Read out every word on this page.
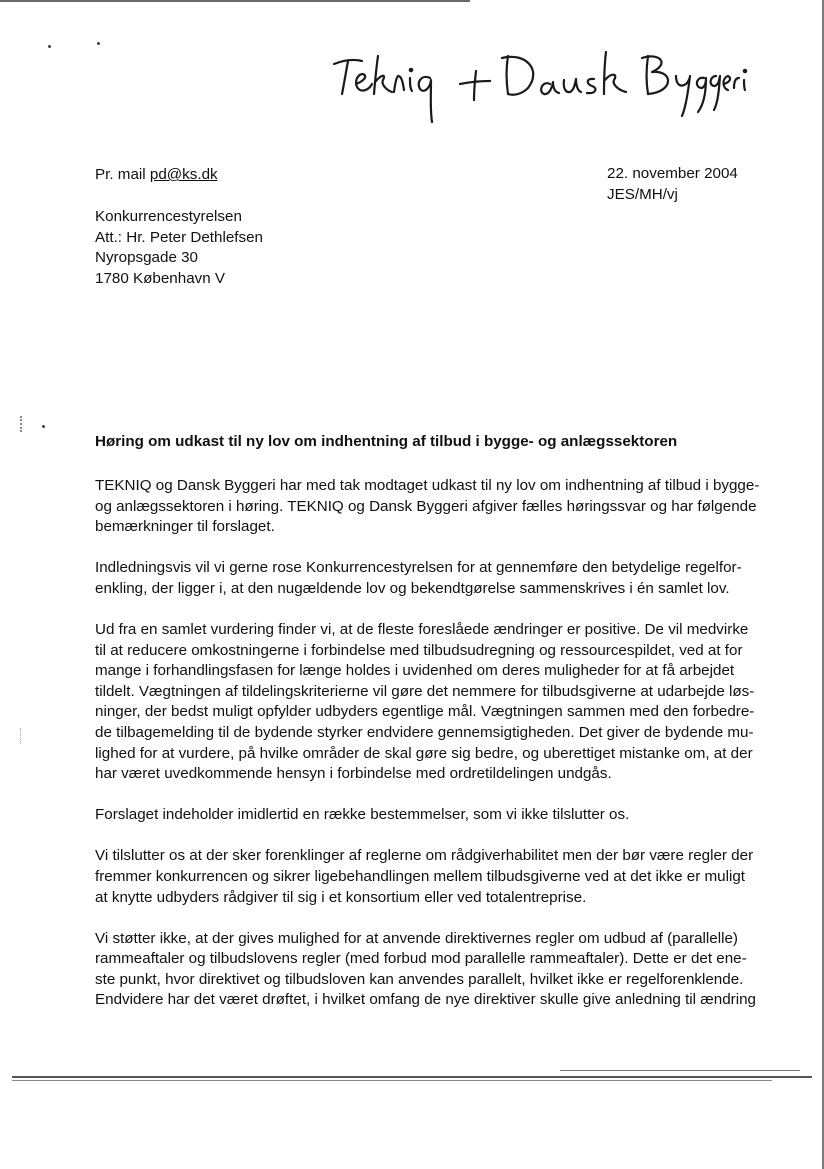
Pr. mail pd@ks.dk	22. november 2004
JES/MH/vj
Konkurrencestyrelsen
Att.: Hr. Peter Dethlefsen
Nyropsgade 30
1780 København V
Høring om udkast til ny lov om indhentning af tilbud i bygge- og anlægssektoren

TEKNIQ og Dansk Byggeri har med tak modtaget udkast til ny lov om indhentning af tilbud i bygge-
og anlægssektoren i høring. TEKNIQ og Dansk Byggeri afgiver fælles høringssvar og har følgende
bemærkninger til forslaget.

Indledningsvis vil vi gerne rose Konkurrencestyrelsen for at gennemføre den betydelige regelfor-
enkling, der ligger i, at den nugældende lov og bekendtgørelse sammenskrives i én samlet lov.

Ud fra en samlet vurdering finder vi, at de fleste foreslåede ændringer er positive. De vil medvirke
til at reducere omkostningerne i forbindelse med tilbudsudregning og ressourcespildet, ved at for
mange i forhandlingsfasen for længe holdes i uvidenhed om deres muligheder for at få arbejdet
tildelt. Vægtningen af tildelingskriterierne vil gøre det nemmere for tilbudsgiverne at udarbejde løs-
ninger, der bedst muligt opfylder udbyders egentlige mål. Vægtningen sammen med den forbedre-
de tilbagemelding til de bydende styrker endvidere gennemsigtigheden. Det giver de bydende mu-
lighed for at vurdere, på hvilke områder de skal gøre sig bedre, og uberettiget mistanke om, at der
har været uvedkommende hensyn i forbindelse med ordretildelingen undgås.

Forslaget indeholder imidlertid en række bestemmelser, som vi ikke tilslutter os.

Vi tilslutter os at der sker forenklinger af reglerne om rådgiverhabilitet men der bør være regler der
fremmer konkurrencen og sikrer ligebehandlingen mellem tilbudsgiverne ved at det ikke er muligt
at knytte udbyders rådgiver til sig i et konsortium eller ved totalentreprise.

Vi støtter ikke, at der gives mulighed for at anvende direktivernes regler om udbud af (parallelle)
rammeaftaler og tilbudslovens regler (med forbud mod parallelle rammeaftaler). Dette er det ene-
ste punkt, hvor direktivet og tilbudsloven kan anvendes parallelt, hvilket ikke er regelforenklende.
Endvidere har det været drøftet, i hvilket omfang de nye direktiver skulle give anledning til ændring
